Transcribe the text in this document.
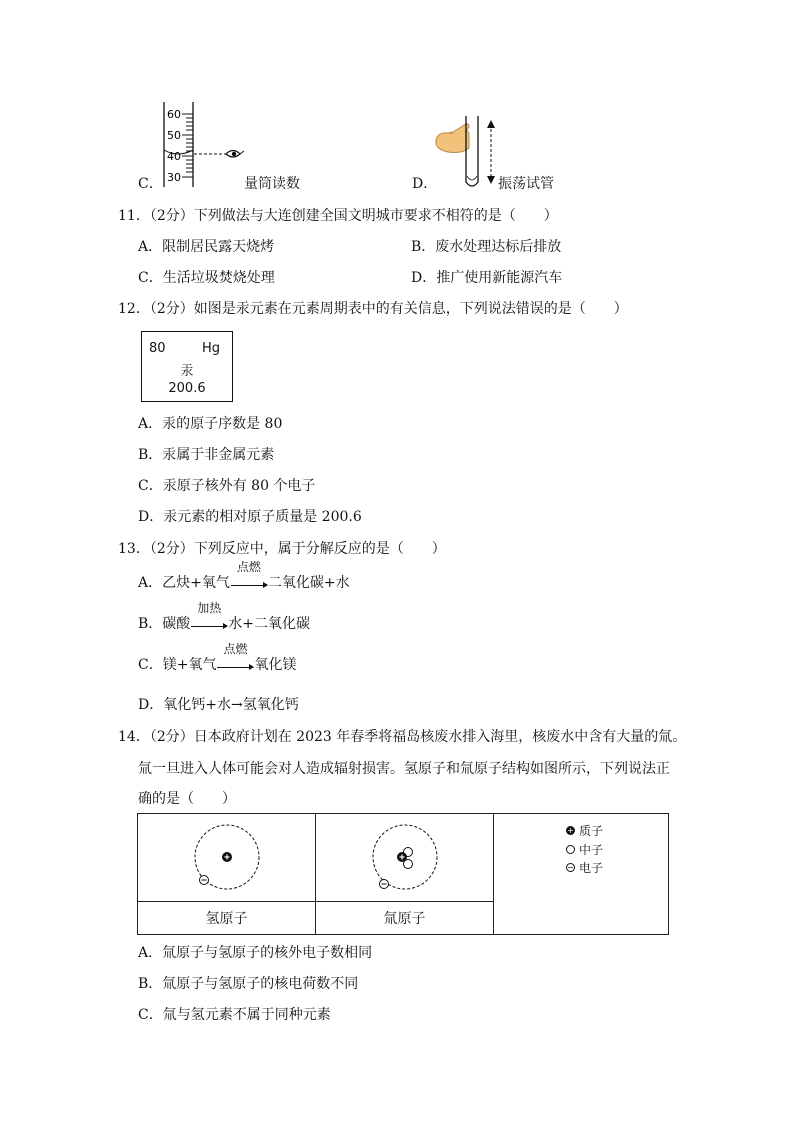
C．
60
50
40
30	量筒读数	D．	振荡试管
11．（2分）下列做法与大连创建全国文明城市要求不相符的是（　　）
A．限制居民露天烧烤	B．废水处理达标后排放
C．生活垃圾焚烧处理	D．推广使用新能源汽车
12．（2分）如图是汞元素在元素周期表中的有关信息，下列说法错误的是（　　）
80	Hg
汞
200.6
A．汞的原子序数是 80
B．汞属于非金属元素
C．汞原子核外有 80 个电子
D．汞元素的相对原子质量是 200.6
13．（2分）下列反应中，属于分解反应的是（　　）
A．乙炔+氧气
点燃
二氧化碳+水
B．碳酸
加热
水+二氧化碳
C．镁+氧气
点燃
氧化镁
D．氧化钙+水→氢氧化钙
14．（2分）日本政府计划在 2023 年春季将福岛核废水排入海里，核废水中含有大量的氚。
氚一旦进入人体可能会对人造成辐射损害。氢原子和氚原子结构如图所示，下列说法正
确的是（　　）
氢原子	氚原子
+ 质子
中子
− 电子
A．氚原子与氢原子的核外电子数相同
B．氚原子与氢原子的核电荷数不同
C．氚与氢元素不属于同种元素
